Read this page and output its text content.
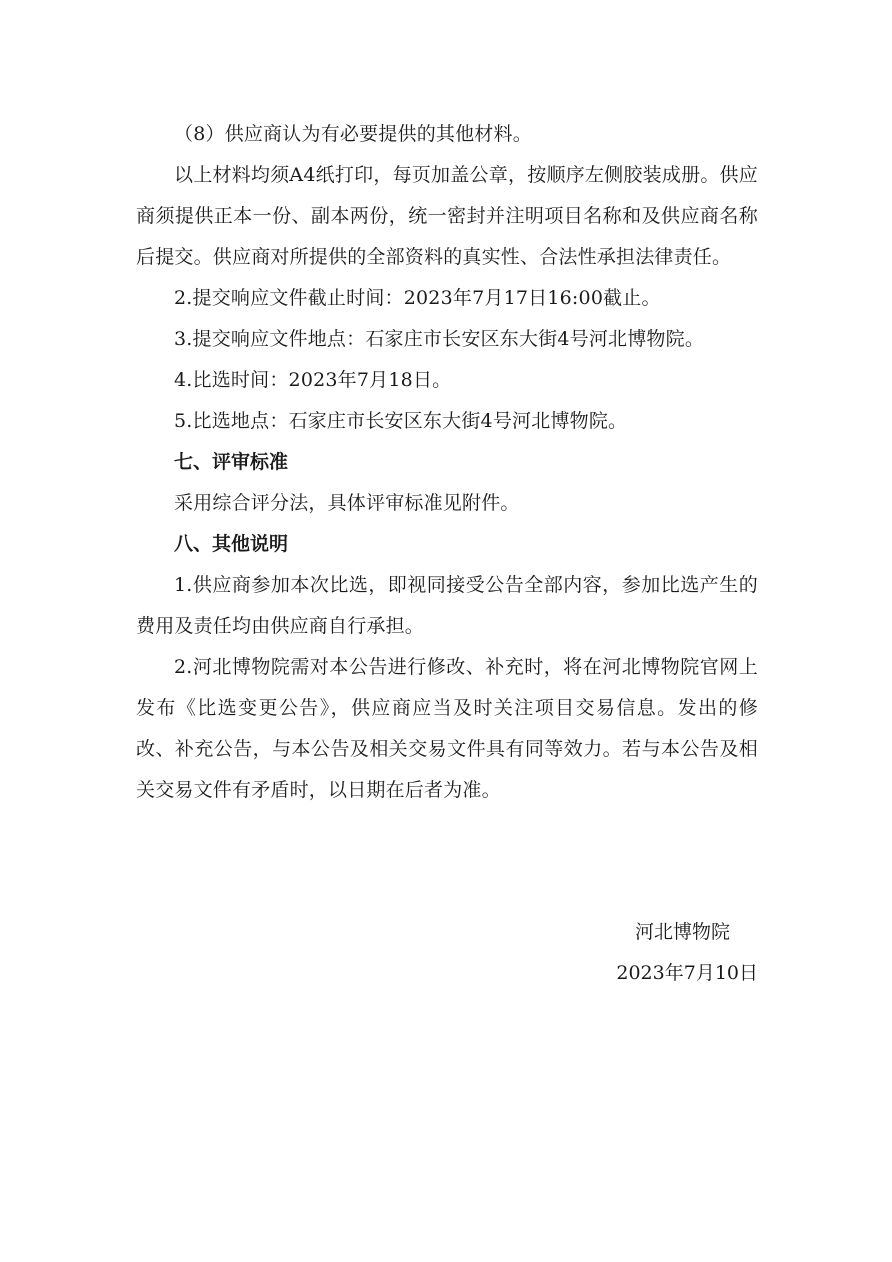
（8）供应商认为有必要提供的其他材料。

以上材料均须A4纸打印，每页加盖公章，按顺序左侧胶装成册。供应商须提供正本一份、副本两份，统一密封并注明项目名称和及供应商名称后提交。供应商对所提供的全部资料的真实性、合法性承担法律责任。

2.提交响应文件截止时间：2023年7月17日16:00截止。

3.提交响应文件地点：石家庄市长安区东大街4号河北博物院。

4.比选时间：2023年7月18日。

5.比选地点：石家庄市长安区东大街4号河北博物院。

七、评审标准

采用综合评分法，具体评审标准见附件。

八、其他说明

1.供应商参加本次比选，即视同接受公告全部内容，参加比选产生的费用及责任均由供应商自行承担。

2.河北博物院需对本公告进行修改、补充时，将在河北博物院官网上发布《比选变更公告》，供应商应当及时关注项目交易信息。发出的修改、补充公告，与本公告及相关交易文件具有同等效力。若与本公告及相关交易文件有矛盾时，以日期在后者为准。

河北博物院
2023年7月10日
